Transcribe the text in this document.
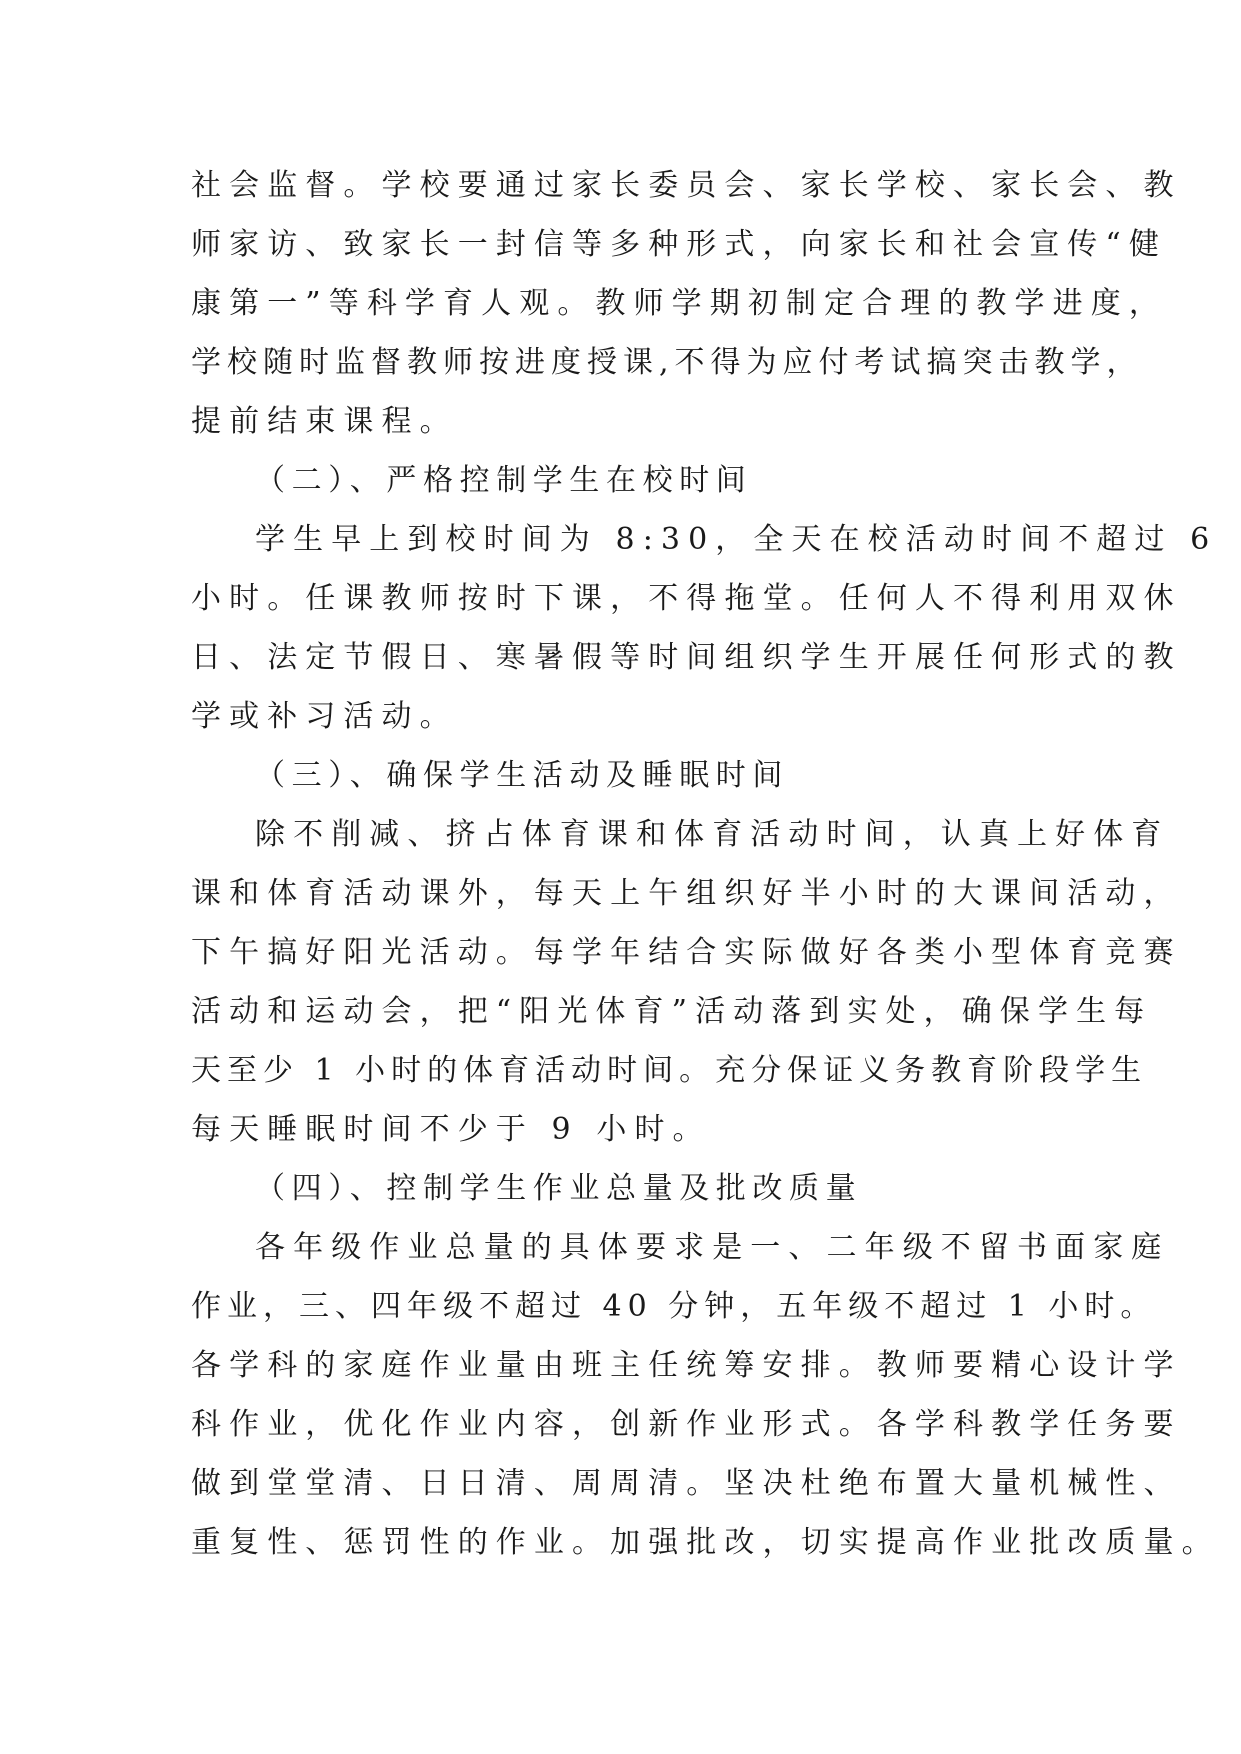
社会监督。学校要通过家长委员会、家长学校、家长会、教
师家访、致家长一封信等多种形式，向家长和社会宣传“健
康第一”等科学育人观。教师学期初制定合理的教学进度，
学校随时监督教师按进度授课,不得为应付考试搞突击教学，
提前结束课程。
（二）、严格控制学生在校时间
学生早上到校时间为 8:30，全天在校活动时间不超过 6
小时。任课教师按时下课，不得拖堂。任何人不得利用双休
日、法定节假日、寒暑假等时间组织学生开展任何形式的教
学或补习活动。
（三）、确保学生活动及睡眠时间
除不削减、挤占体育课和体育活动时间，认真上好体育
课和体育活动课外，每天上午组织好半小时的大课间活动，
下午搞好阳光活动。每学年结合实际做好各类小型体育竞赛
活动和运动会，把“阳光体育”活动落到实处，确保学生每
天至少 1 小时的体育活动时间。充分保证义务教育阶段学生
每天睡眠时间不少于 9 小时。
（四）、控制学生作业总量及批改质量
各年级作业总量的具体要求是一、二年级不留书面家庭
作业，三、四年级不超过 40 分钟，五年级不超过 1 小时。
各学科的家庭作业量由班主任统筹安排。教师要精心设计学
科作业，优化作业内容，创新作业形式。各学科教学任务要
做到堂堂清、日日清、周周清。坚决杜绝布置大量机械性、
重复性、惩罚性的作业。加强批改，切实提高作业批改质量。
